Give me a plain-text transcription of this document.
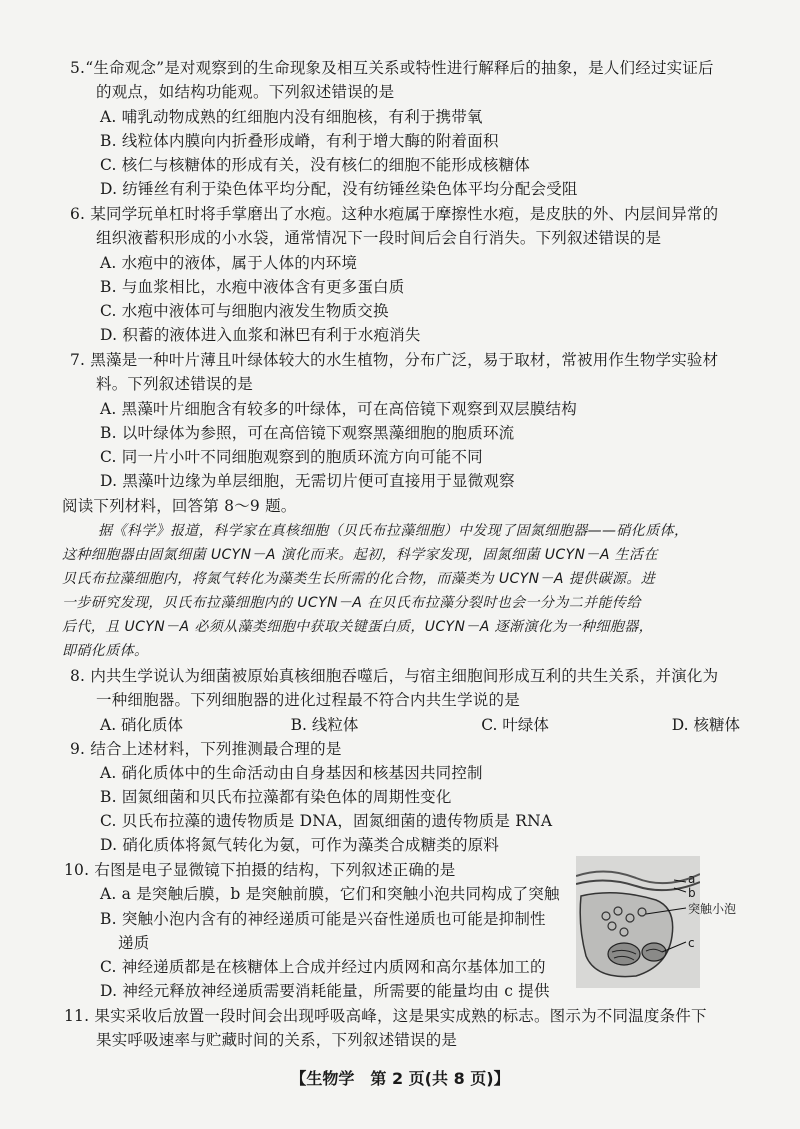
5.“生命观念”是对观察到的生命现象及相互关系或特性进行解释后的抽象，是人们经过实证后
的观点，如结构功能观。下列叙述错误的是
A. 哺乳动物成熟的红细胞内没有细胞核，有利于携带氧
B. 线粒体内膜向内折叠形成嵴，有利于增大酶的附着面积
C. 核仁与核糖体的形成有关，没有核仁的细胞不能形成核糖体
D. 纺锤丝有利于染色体平均分配，没有纺锤丝染色体平均分配会受阻
6. 某同学玩单杠时将手掌磨出了水疱。这种水疱属于摩擦性水疱，是皮肤的外、内层间异常的
组织液蓄积形成的小水袋，通常情况下一段时间后会自行消失。下列叙述错误的是
A. 水疱中的液体，属于人体的内环境
B. 与血浆相比，水疱中液体含有更多蛋白质
C. 水疱中液体可与细胞内液发生物质交换
D. 积蓄的液体进入血浆和淋巴有利于水疱消失
7. 黑藻是一种叶片薄且叶绿体较大的水生植物，分布广泛，易于取材，常被用作生物学实验材
料。下列叙述错误的是
A. 黑藻叶片细胞含有较多的叶绿体，可在高倍镜下观察到双层膜结构
B. 以叶绿体为参照，可在高倍镜下观察黑藻细胞的胞质环流
C. 同一片小叶不同细胞观察到的胞质环流方向可能不同
D. 黑藻叶边缘为单层细胞，无需切片便可直接用于显微观察
阅读下列材料，回答第 8～9 题。
据《科学》报道，科学家在真核细胞（贝氏布拉藻细胞）中发现了固氮细胞器——硝化质体，
这种细胞器由固氮细菌 UCYN－A 演化而来。起初，科学家发现，固氮细菌 UCYN－A 生活在
贝氏布拉藻细胞内，将氮气转化为藻类生长所需的化合物，而藻类为 UCYN－A 提供碳源。进
一步研究发现，贝氏布拉藻细胞内的 UCYN－A 在贝氏布拉藻分裂时也会一分为二并能传给
后代，且 UCYN－A 必须从藻类细胞中获取关键蛋白质，UCYN－A 逐渐演化为一种细胞器，
即硝化质体。
8. 内共生学说认为细菌被原始真核细胞吞噬后，与宿主细胞间形成互利的共生关系，并演化为
一种细胞器。下列细胞器的进化过程最不符合内共生学说的是
A. 硝化质体	B. 线粒体	C. 叶绿体	D. 核糖体
9. 结合上述材料，下列推测最合理的是
A. 硝化质体中的生命活动由自身基因和核基因共同控制
B. 固氮细菌和贝氏布拉藻都有染色体的周期性变化
C. 贝氏布拉藻的遗传物质是 DNA，固氮细菌的遗传物质是 RNA
D. 硝化质体将氮气转化为氨，可作为藻类合成糖类的原料
10. 右图是电子显微镜下拍摄的结构，下列叙述正确的是
A. a 是突触后膜，b 是突触前膜，它们和突触小泡共同构成了突触
B. 突触小泡内含有的神经递质可能是兴奋性递质也可能是抑制性
递质
C. 神经递质都是在核糖体上合成并经过内质网和高尔基体加工的
D. 神经元释放神经递质需要消耗能量，所需要的能量均由 c 提供
a
b
突触小泡
c
11. 果实采收后放置一段时间会出现呼吸高峰，这是果实成熟的标志。图示为不同温度条件下
果实呼吸速率与贮藏时间的关系，下列叙述错误的是
【生物学　第 2 页(共 8 页)】
